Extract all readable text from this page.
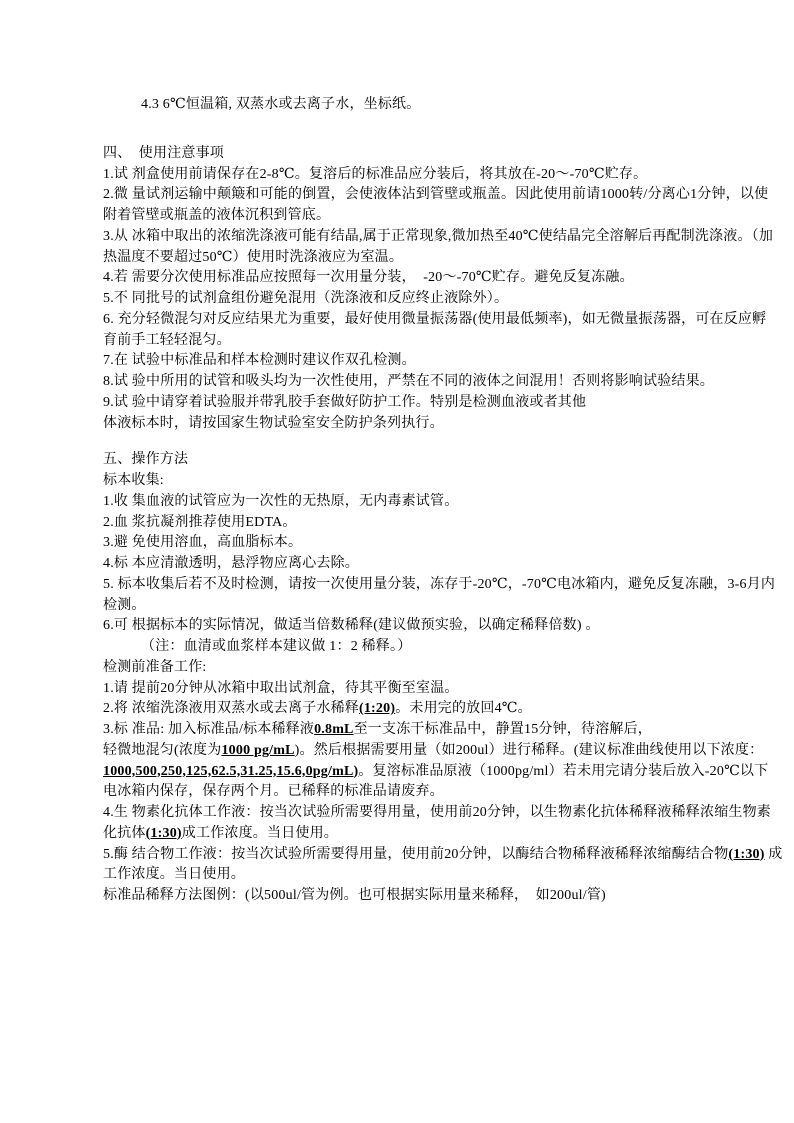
4.3 6℃恒温箱, 双蒸水或去离子水，坐标纸。
四、  使用注意事项
1.试 剂盒使用前请保存在2-8℃。复溶后的标准品应分装后，将其放在-20～-70℃贮存。
2.微 量试剂运输中颠簸和可能的倒置，会使液体沾到管壁或瓶盖。因此使用前请1000转/分离心1分钟，以使
附着管壁或瓶盖的液体沉积到管底。
3.从 冰箱中取出的浓缩洗涤液可能有结晶,属于正常现象,微加热至40℃使结晶完全溶解后再配制洗涤液。（加
热温度不要超过50℃）使用时洗涤液应为室温。
4.若 需要分次使用标准品应按照每一次用量分装，  -20～-70℃贮存。避免反复冻融。
5.不 同批号的试剂盒组份避免混用（洗涤液和反应终止液除外）。
6. 充分轻微混匀对反应结果尤为重要，最好使用微量振荡器(使用最低频率)，如无微量振荡器，可在反应孵
育前手工轻轻混匀。
7.在 试验中标准品和样本检测时建议作双孔检测。
8.试 验中所用的试管和吸头均为一次性使用，严禁在不同的液体之间混用！否则将影响试验结果。
9.试 验中请穿着试验服并带乳胶手套做好防护工作。特别是检测血液或者其他
体液标本时，请按国家生物试验室安全防护条列执行。
五、操作方法
标本收集:
1.收 集血液的试管应为一次性的无热原，无内毒素试管。
2.血 浆抗凝剂推荐使用EDTA。
3.避 免使用溶血，高血脂标本。
4.标 本应清澈透明，悬浮物应离心去除。
5. 标本收集后若不及时检测，请按一次使用量分装，冻存于-20℃，-70℃电冰箱内，避免反复冻融，3-6月内
检测。
6.可 根据标本的实际情况，做适当倍数稀释(建议做预实验，以确定稀释倍数) 。
（注：血清或血浆样本建议做 1：2 稀释。）
检测前准备工作:
1.请 提前20分钟从冰箱中取出试剂盒，待其平衡至室温。
2.将 浓缩洗涤液用双蒸水或去离子水稀释(1:20)。未用完的放回4℃。
3.标 准品: 加入标准品/标本稀释液0.8mL至一支冻干标准品中，静置15分钟，待溶解后，
轻微地混匀(浓度为1000 pg/mL)。然后根据需要用量（如200ul）进行稀释。(建议标准曲线使用以下浓度：
1000,500,250,125,62.5,31.25,15.6,0pg/mL)。复溶标准品原液（1000pg/ml）若未用完请分装后放入-20℃以下
电冰箱内保存，保存两个月。已稀释的标准品请废弃。
4.生 物素化抗体工作液：按当次试验所需要得用量，使用前20分钟，以生物素化抗体稀释液稀释浓缩生物素
化抗体(1:30)成工作浓度。当日使用。
5.酶 结合物工作液：按当次试验所需要得用量，使用前20分钟，以酶结合物稀释液稀释浓缩酶结合物(1:30) 成
工作浓度。当日使用。
标准品稀释方法图例：(以500ul/管为例。也可根据实际用量来稀释，  如200ul/管)
